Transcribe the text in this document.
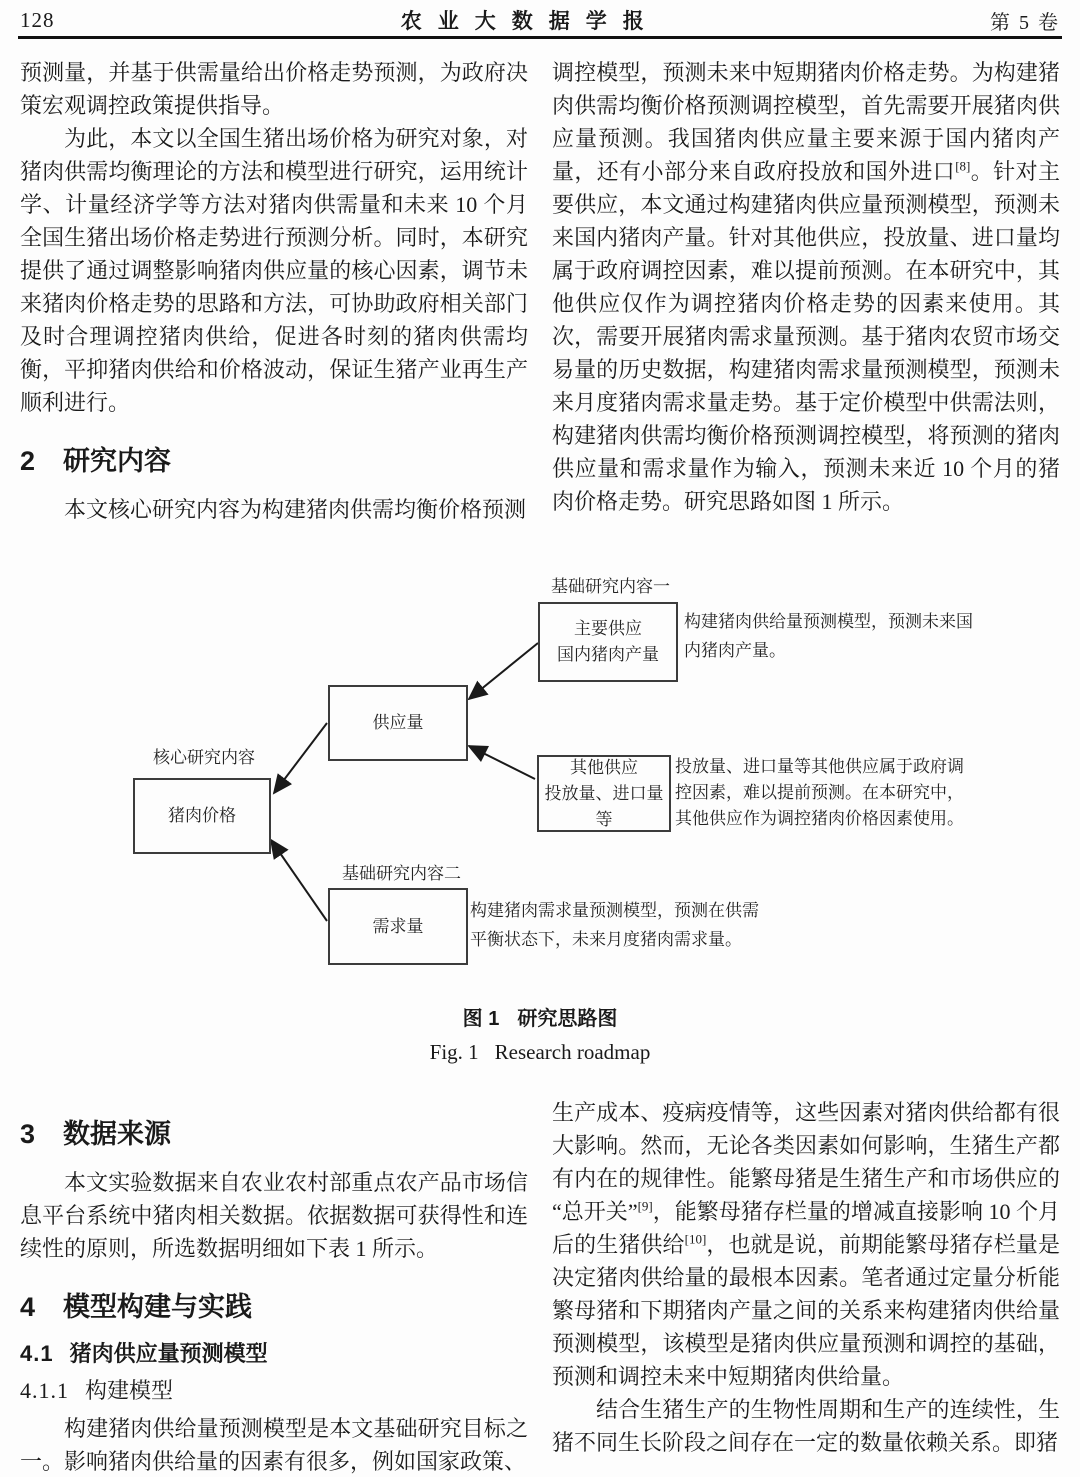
128	农业大数据学报	第 5 卷

预测量，并基于供需量给出价格走势预测，为政府决策宏观调控政策提供指导。

为此，本文以全国生猪出场价格为研究对象，对猪肉供需均衡理论的方法和模型进行研究，运用统计学、计量经济学等方法对猪肉供需量和未来 10 个月全国生猪出场价格走势进行预测分析。同时，本研究提供了通过调整影响猪肉供应量的核心因素，调节未来猪肉价格走势的思路和方法，可协助政府相关部门及时合理调控猪肉供给，促进各时刻的猪肉供需均衡，平抑猪肉供给和价格波动，保证生猪产业再生产顺利进行。

2 研究内容

本文核心研究内容为构建猪肉供需均衡价格预测

调控模型，预测未来中短期猪肉价格走势。为构建猪肉供需均衡价格预测调控模型，首先需要开展猪肉供应量预测。我国猪肉供应量主要来源于国内猪肉产量，还有小部分来自政府投放和国外进口[8]。针对主要供应，本文通过构建猪肉供应量预测模型，预测未来国内猪肉产量。针对其他供应，投放量、进口量均属于政府调控因素，难以提前预测。在本研究中，其他供应仅作为调控猪肉价格走势的因素来使用。其次，需要开展猪肉需求量预测。基于猪肉农贸市场交易量的历史数据，构建猪肉需求量预测模型，预测未来月度猪肉需求量走势。基于定价模型中供需法则，构建猪肉供需均衡价格预测调控模型，将预测的猪肉供应量和需求量作为输入，预测未来近 10 个月的猪肉价格走势。研究思路如图 1 所示。

基础研究内容一
主要供应
国内猪肉产量
构建猪肉供给量预测模型，预测未来国
内猪肉产量。
供应量
核心研究内容
猪肉价格
其他供应
投放量、进口量等
投放量、进口量等其他供应属于政府调
控因素，难以提前预测。在本研究中，
其他供应作为调控猪肉价格因素使用。
基础研究内容二
需求量
构建猪肉需求量预测模型，预测在供需
平衡状态下，未来月度猪肉需求量。
图 1 研究思路图
Fig. 1 Research roadmap
3 数据来源

本文实验数据来自农业农村部重点农产品市场信息平台系统中猪肉相关数据。依据数据可获得性和连续性的原则，所选数据明细如下表 1 所示。

4 模型构建与实践
4.1 猪肉供应量预测模型
4.1.1 构建模型

构建猪肉供给量预测模型是本文基础研究目标之一。影响猪肉供给量的因素有很多，例如国家政策、

生产成本、疫病疫情等，这些因素对猪肉供给都有很大影响。然而，无论各类因素如何影响，生猪生产都有内在的规律性。能繁母猪是生猪生产和市场供应的“总开关”[9]，能繁母猪存栏量的增减直接影响 10 个月后的生猪供给[10]，也就是说，前期能繁母猪存栏量是决定猪肉供给量的最根本因素。笔者通过定量分析能繁母猪和下期猪肉产量之间的关系来构建猪肉供给量预测模型，该模型是猪肉供应量预测和调控的基础，预测和调控未来中短期猪肉供给量。

结合生猪生产的生物性周期和生产的连续性，生猪不同生长阶段之间存在一定的数量依赖关系。即猪
